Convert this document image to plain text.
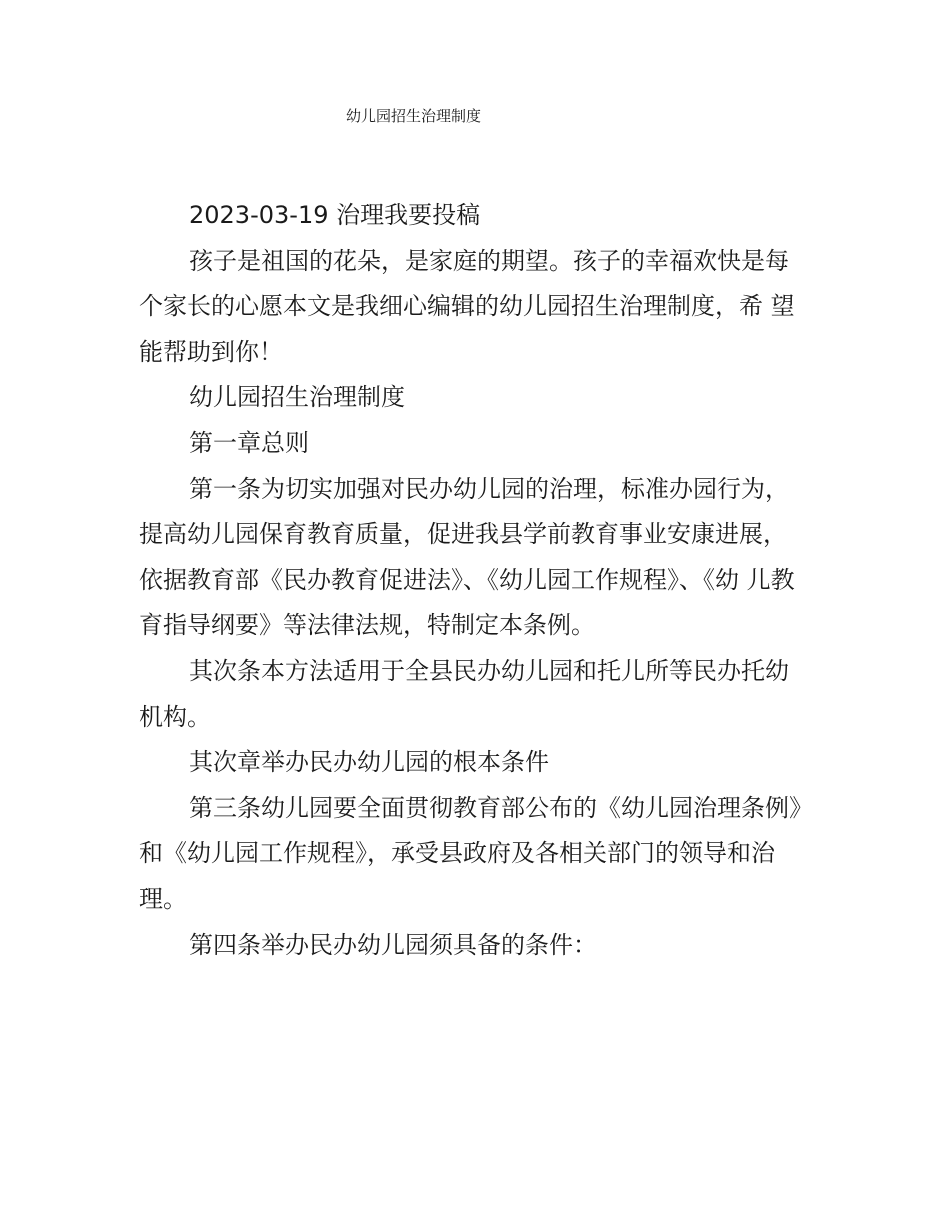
幼儿园招生治理制度

2023-03-19 治理我要投稿

孩子是祖国的花朵，是家庭的期望。孩子的幸福欢快是每个家长的心愿本文是我细心编辑的幼儿园招生治理制度，希 望能帮助到你！

幼儿园招生治理制度

第一章总则

第一条为切实加强对民办幼儿园的治理，标准办园行为，提高幼儿园保育教育质量，促进我县学前教育事业安康进展， 依据教育部《民办教育促进法》、《幼儿园工作规程》、《幼 儿教育指导纲要》等法律法规，特制定本条例。

其次条本方法适用于全县民办幼儿园和托儿所等民办托幼 机构。

其次章举办民办幼儿园的根本条件

第三条幼儿园要全面贯彻教育部公布的《幼儿园治理条例》和《幼儿园工作规程》，承受县政府及各相关部门的领导和治理。

第四条举办民办幼儿园须具备的条件：
